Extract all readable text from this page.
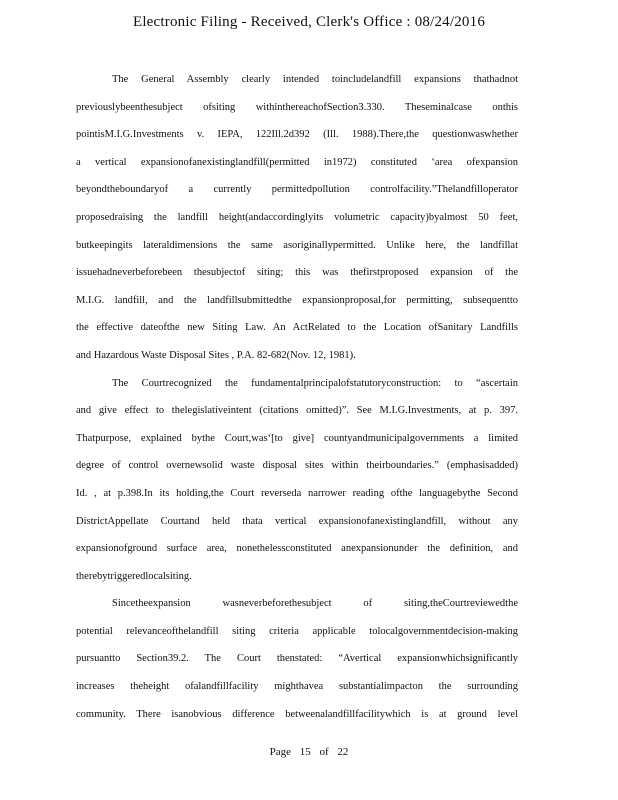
Electronic Filing - Received, Clerk's Office : 08/24/2016
The General Assembly clearly intended toincludelandfill expansions thathadnot
previouslybeenthesubject ofsiting withinthereachofSection3.330. Theseminalcase onthis
pointisM.I.G.Investments v. IEPA, 122Ill.2d392 (Ill. 1988).There,the questionwaswhether
a vertical expansionofanexistinglandfill(permitted in1972) constituted ‘area ofexpansion
beyondtheboundaryof a currently permittedpollution controlfacility.”Thelandfilloperator
proposedraising the landfill height(andaccordinglyits volumetric capacity)byalmost 50 feet,
butkeepingits lateraldimensions the same asoriginallypermitted. Unlike here, the landfillat
issuehadneverbeforebeen thesubjectof siting; this was thefirstproposed expansion of the
M.I.G. landfill, and the landfillsubmittedthe expansionproposal,for permitting, subsequentto
the effective dateofthe new Siting Law. An ActRelated to the Location ofSanitary Landfills
and Hazardous Waste Disposal Sites , P.A. 82-682(Nov. 12, 1981).
The Courtrecognized the fundamentalprincipalofstatutoryconstruction: to “ascertain
and give effect to thelegislativeintent (citations omitted)”. See M.I.G.Investments, at p. 397.
Thatpurpose, explained bythe Court,was‘[to give] countyandmunicipalgovernments a limited
degree of control overnewsolid waste disposal sites within theirboundaries.” (emphasisadded)
Id. , at p.398.In its holding,the Court reverseda narrower reading ofthe languagebythe Second
DistrictAppellate Courtand held thata vertical expansionofanexistinglandfill, without any
expansionofground surface area, nonethelessconstituted anexpansionunder the definition, and
therebytriggeredlocalsiting.
Sincetheexpansion wasneverbeforethesubject of siting,theCourtreviewedthe
potential relevanceofthelandfill siting criteria applicable tolocalgovernmentdecision-making
pursuantto Section39.2. The Court thenstated: “Avertical expansionwhichsignificantly
increases theheight ofalandfillfacility mighthavea substantialimpacton the surrounding
community. There isanobvious difference betweenalandfillfacilitywhich is at ground level
Page 15 of 22
